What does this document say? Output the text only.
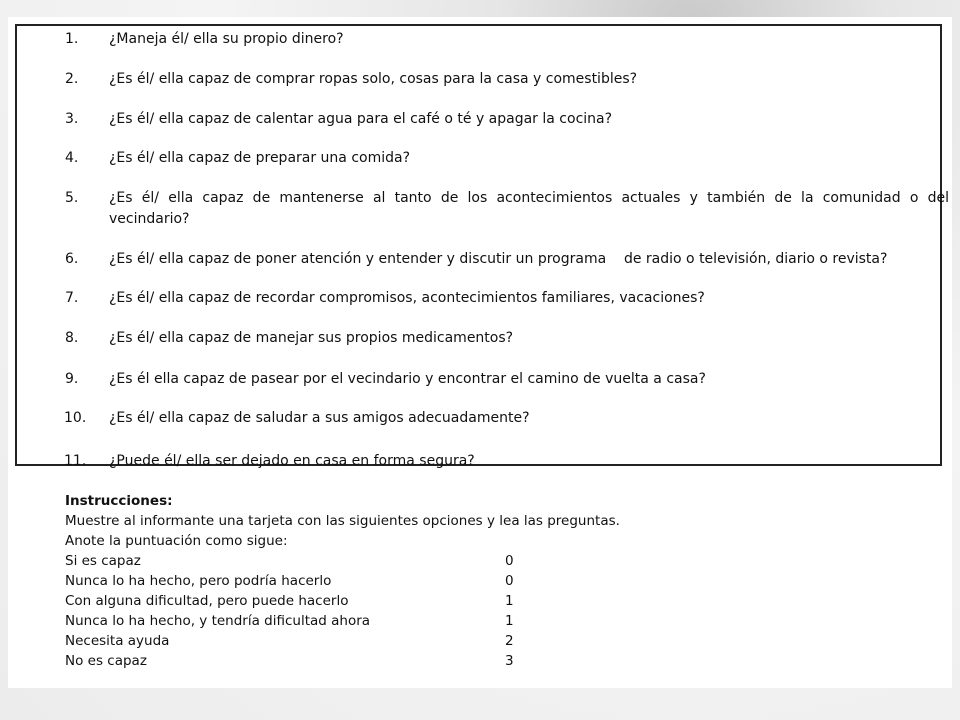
1. ¿Maneja él/ ella su propio dinero?
2. ¿Es él/ ella capaz de comprar ropas solo, cosas para la casa y comestibles?
3. ¿Es él/ ella capaz de calentar agua para el café o té y apagar la cocina?
4. ¿Es él/ ella capaz de preparar una comida?
5. ¿Es él/ ella capaz de mantenerse al tanto de los acontecimientos actuales y también de la comunidad o del vecindario?
6. ¿Es él/ ella capaz de poner atención y entender y discutir un programa    de radio o televisión, diario o revista?
7. ¿Es él/ ella capaz de recordar compromisos, acontecimientos familiares, vacaciones?
8. ¿Es él/ ella capaz de manejar sus propios medicamentos?
9. ¿Es él ella capaz de pasear por el vecindario y encontrar el camino de vuelta a casa?
10. ¿Es él/ ella capaz de saludar a sus amigos adecuadamente?
11. ¿Puede él/ ella ser dejado en casa en forma segura?
Instrucciones:
Muestre al informante una tarjeta con las siguientes opciones y lea las preguntas.
Anote la puntuación como sigue:
Si es capaz	0
Nunca lo ha hecho, pero podría hacerlo	0
Con alguna dificultad, pero puede hacerlo	1
Nunca lo ha hecho, y tendría dificultad ahora	1
Necesita ayuda	2
No es capaz	3
